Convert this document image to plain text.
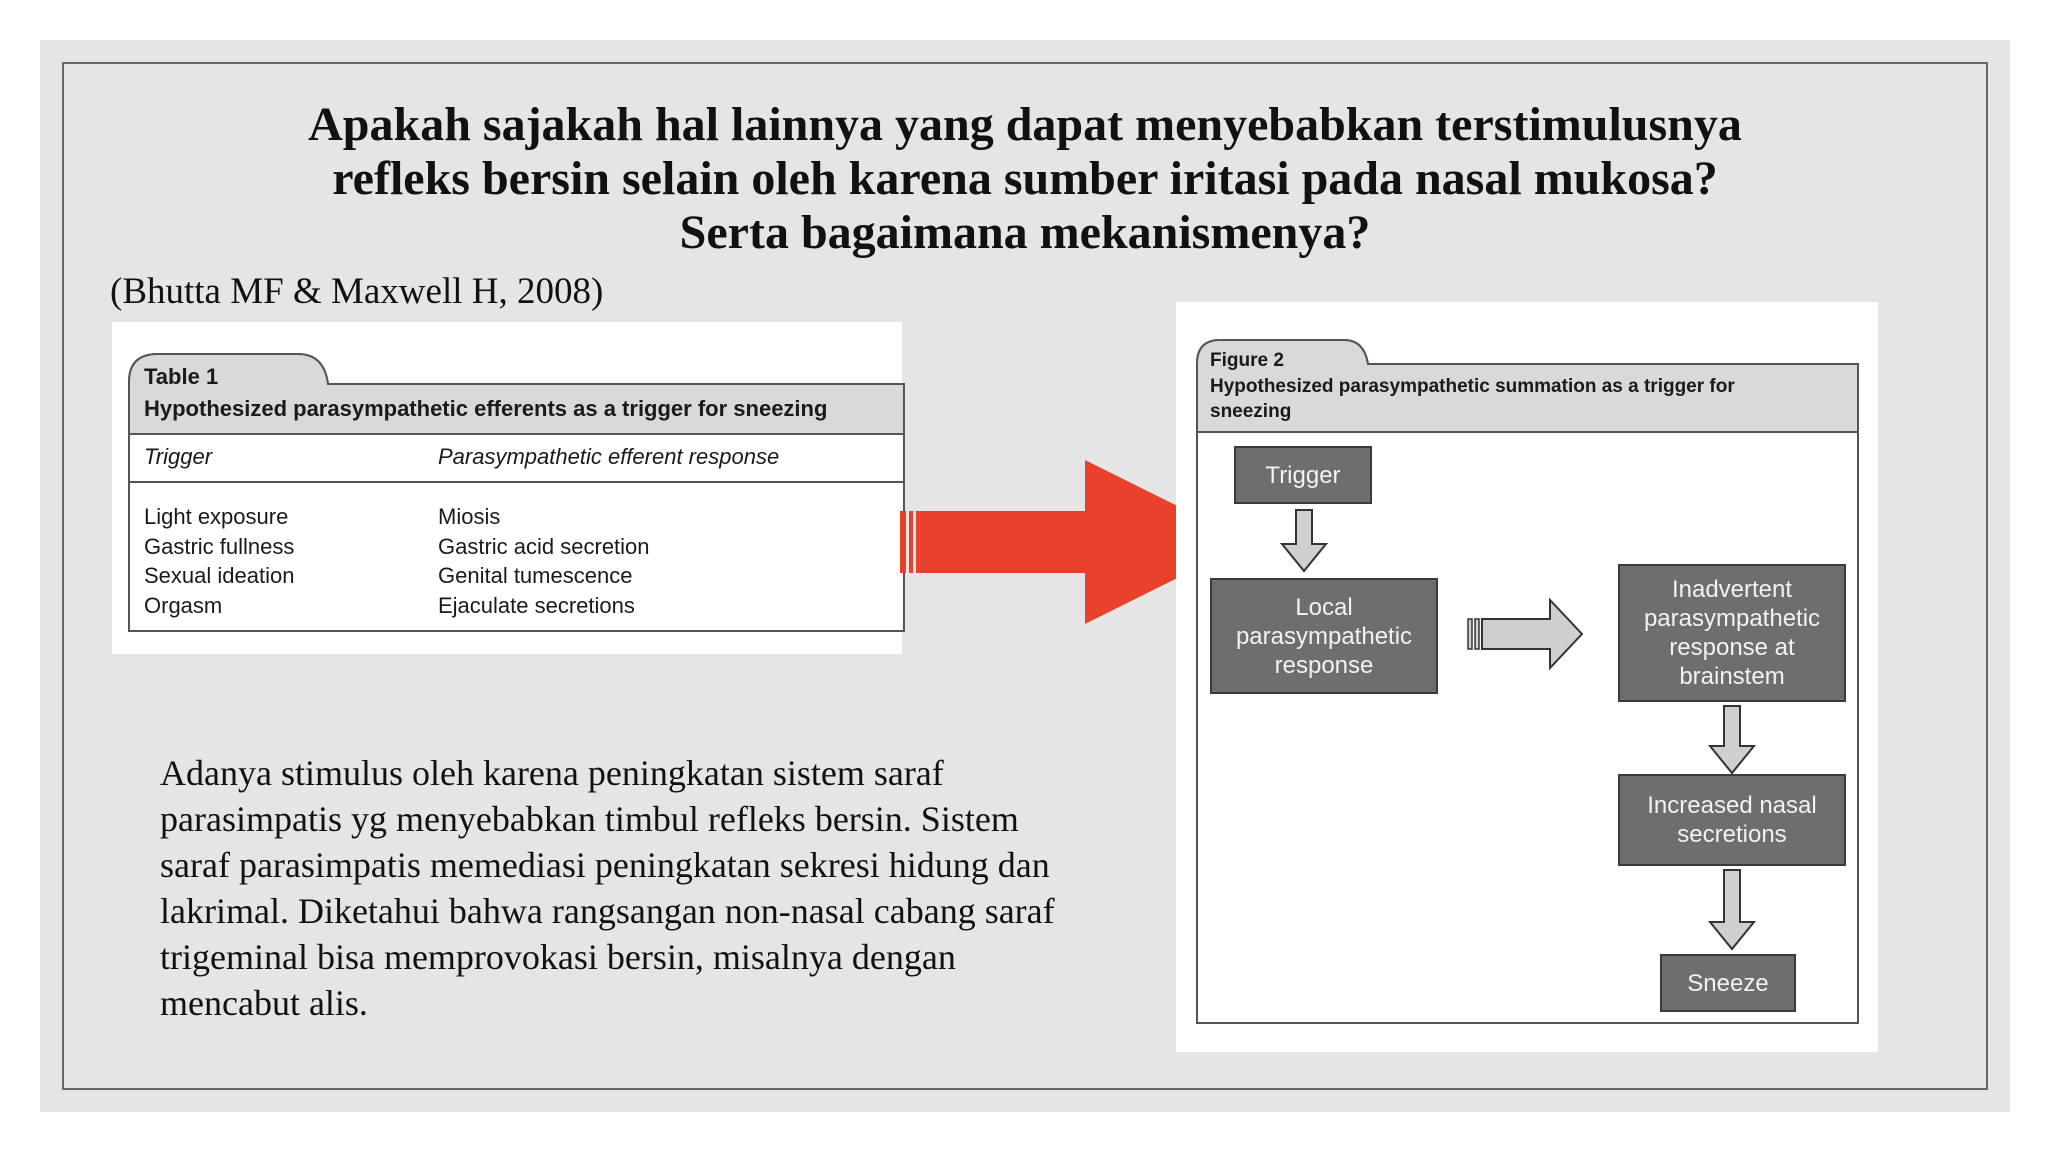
Apakah sajakah hal lainnya yang dapat menyebabkan terstimulusnya
refleks bersin selain oleh karena sumber iritasi pada nasal mukosa?
Serta bagaimana mekanismenya?
(Bhutta MF & Maxwell H, 2008)
Table 1
Hypothesized parasympathetic efferents as a trigger for sneezing
Trigger	Parasympathetic efferent response
Light exposure
Gastric fullness
Sexual ideation
Orgasm
Miosis
Gastric acid secretion
Genital tumescence
Ejaculate secretions
Adanya stimulus oleh karena peningkatan sistem saraf
parasimpatis yg menyebabkan timbul refleks bersin. Sistem
saraf parasimpatis memediasi peningkatan sekresi hidung dan
lakrimal. Diketahui bahwa rangsangan non-nasal cabang saraf
trigeminal bisa memprovokasi bersin, misalnya dengan
mencabut alis.
Figure 2
Hypothesized parasympathetic summation as a trigger for sneezing
Trigger
Local parasympathetic response
Inadvertent parasympathetic response at brainstem
Increased nasal secretions
Sneeze
